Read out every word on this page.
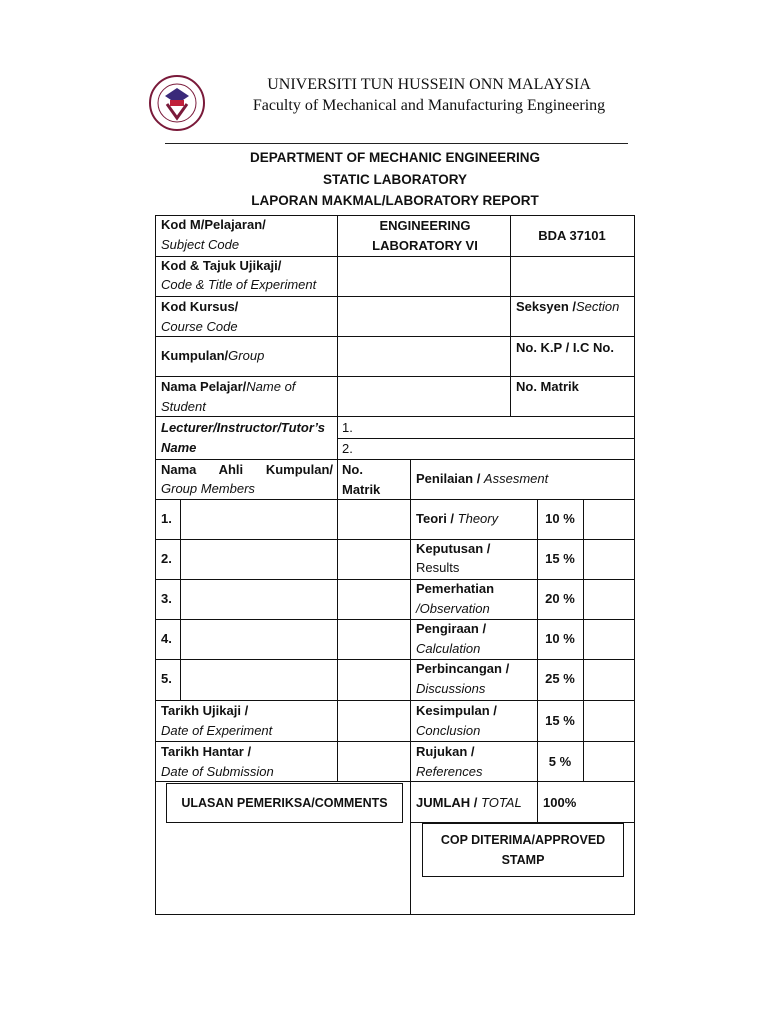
UNIVERSITI TUN HUSSEIN ONN MALAYSIA
Faculty of Mechanical and Manufacturing Engineering
DEPARTMENT OF MECHANIC ENGINEERING
STATIC LABORATORY
LAPORAN MAKMAL/LABORATORY REPORT
Kod M/Pelajaran/
Subject Code
ENGINEERING LABORATORY VI
BDA 37101
Kod & Tajuk Ujikaji/
Code & Title of Experiment
Kod Kursus/
Course Code
Seksyen /Section
Kumpulan/Group
No. K.P / I.C No.
Nama Pelajar/Name of Student
No. Matrik
Lecturer/Instructor/Tutor’s Name
1.
2.
Nama Ahli Kumpulan/
Group Members
No. Matrik
Penilaian / Assesment
1.
2.
3.
4.
5.
Tarikh Ujikaji /
Date of Experiment
Tarikh Hantar /
Date of Submission
Teori / Theory	10 %
Keputusan /
Results
15 %
Pemerhatian
/Observation
20 %
Pengiraan /
Calculation
10 %
Perbincangan /
Discussions
25 %
Kesimpulan /
Conclusion
15 %
Rujukan /
References
5 %
JUMLAH / TOTAL 100%
ULASAN PEMERIKSA/COMMENTS
COP DITERIMA/APPROVED STAMP
